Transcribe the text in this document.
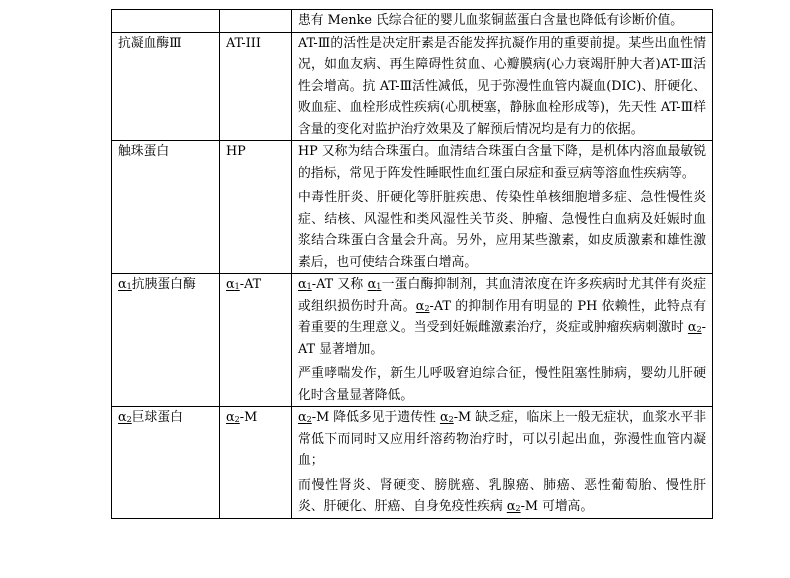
		患有 Menke 氏综合征的婴儿血浆铜蓝蛋白含量也降低有诊断价值。

抗凝血酶Ⅲ	AT-III	AT-Ⅲ的活性是决定肝素是否能发挥抗凝作用的重要前提。某些出血性情况，如血友病、再生障碍性贫血、心瓣膜病(心力衰竭肝肿大者)AT-Ⅲ活性会增高。抗 AT-Ⅲ活性减低，见于弥漫性血管内凝血(DIC)、肝硬化、败血症、血栓形成性疾病(心肌梗塞，静脉血栓形成等)，先天性 AT-Ⅲ样含量的变化对监护治疗效果及了解预后情况均是有力的依据。

触珠蛋白	HP	HP 又称为结合珠蛋白。血清结合珠蛋白含量下降，是机体内溶血最敏锐的指标，常见于阵发性睡眠性血红蛋白尿症和蚕豆病等溶血性疾病等。
中毒性肝炎、肝硬化等肝脏疾患、传染性单核细胞增多症、急性慢性炎症、结核、风湿性和类风湿性关节炎、肿瘤、急慢性白血病及妊娠时血浆结合珠蛋白含量会升高。另外，应用某些激素，如皮质激素和雄性激素后，也可使结合珠蛋白增高。

$\alpha_1$抗胰蛋白酶	$\alpha_1-AT$	$\alpha_1-AT$ 又称 $\alpha_1$一蛋白酶抑制剂，其血清浓度在许多疾病时尤其伴有炎症或组织损伤时升高。$\alpha_2-AT$ 的抑制作用有明显的 PH 依赖性，此特点有着重要的生理意义。当受到妊娠雌激素治疗，炎症或肿瘤疾病刺激时 $\alpha_2-AT$ 显著增加。
严重哮喘发作，新生儿呼吸窘迫综合征，慢性阻塞性肺病，婴幼儿肝硬化时含量显著降低。

$\alpha_2$巨球蛋白	$\alpha_2-M$	$\alpha_2-M$ 降低多见于遗传性 $\alpha_2-M$ 缺乏症，临床上一般无症状，血浆水平非常低下而同时又应用纤溶药物治疗时，可以引起出血，弥漫性血管内凝血；
而慢性肾炎、肾硬变、膀胱癌、乳腺癌、肺癌、恶性葡萄胎、慢性肝炎、肝硬化、肝癌、自身免疫性疾病 $\alpha_2-M$ 可增高。
